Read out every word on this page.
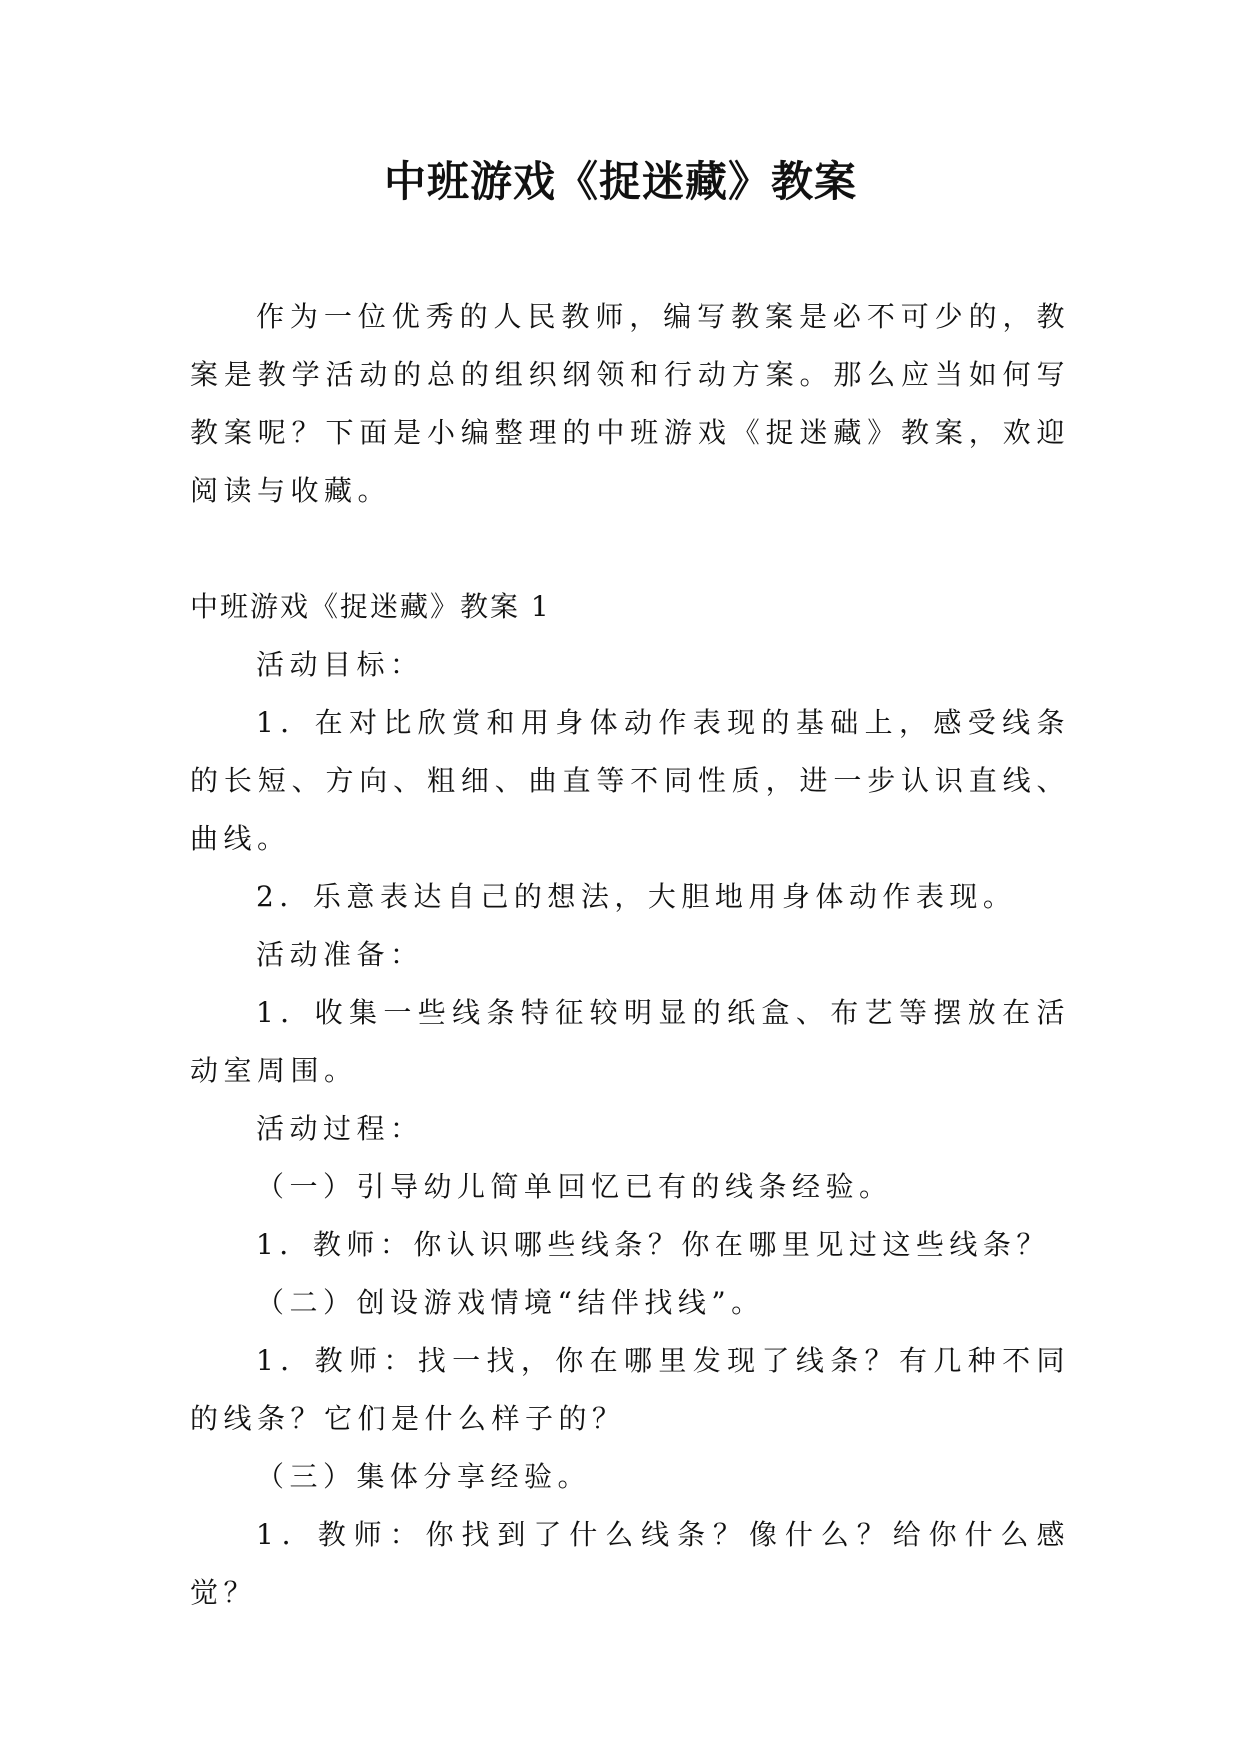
中班游戏《捉迷藏》教案

作为一位优秀的人民教师，编写教案是必不可少的，教案是教学活动的总的组织纲领和行动方案。那么应当如何写教案呢？下面是小编整理的中班游戏《捉迷藏》教案，欢迎阅读与收藏。

中班游戏《捉迷藏》教案 1

活动目标：

1．在对比欣赏和用身体动作表现的基础上，感受线条的长短、方向、粗细、曲直等不同性质，进一步认识直线、曲线。

2．乐意表达自己的想法，大胆地用身体动作表现。

活动准备：

1．收集一些线条特征较明显的纸盒、布艺等摆放在活动室周围。

活动过程：

（一）引导幼儿简单回忆已有的线条经验。

1．教师：你认识哪些线条？你在哪里见过这些线条？

（二）创设游戏情境“结伴找线”。

1．教师：找一找，你在哪里发现了线条？有几种不同的线条？它们是什么样子的？

（三）集体分享经验。

1．教师：你找到了什么线条？像什么？给你什么感觉？
